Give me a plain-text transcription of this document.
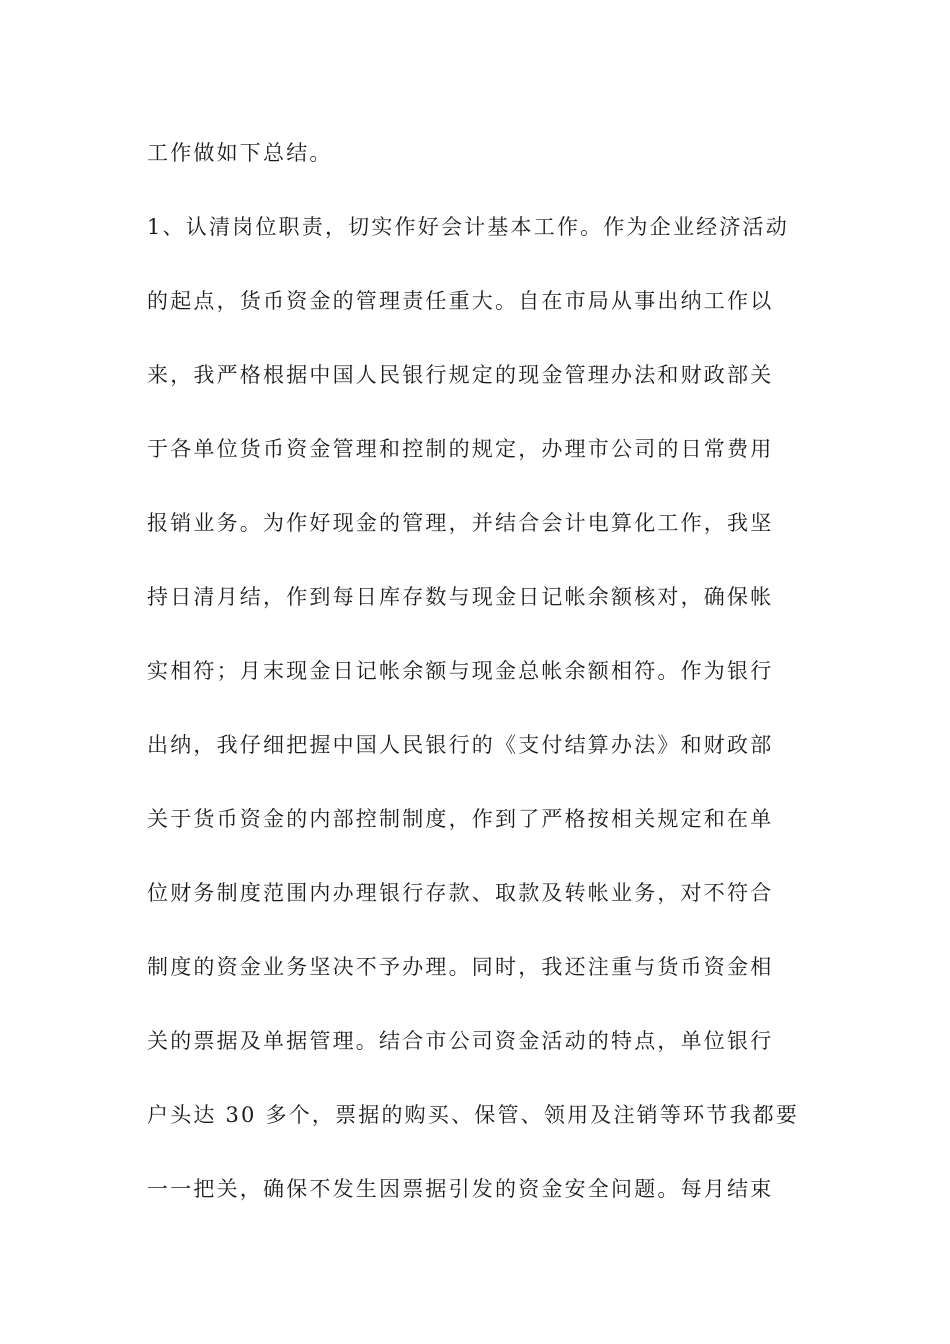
工作做如下总结。
1、认清岗位职责，切实作好会计基本工作。作为企业经济活动
的起点，货币资金的管理责任重大。自在市局从事出纳工作以
来，我严格根据中国人民银行规定的现金管理办法和财政部关
于各单位货币资金管理和控制的规定，办理市公司的日常费用
报销业务。为作好现金的管理，并结合会计电算化工作，我坚
持日清月结，作到每日库存数与现金日记帐余额核对，确保帐
实相符；月末现金日记帐余额与现金总帐余额相符。作为银行
出纳，我仔细把握中国人民银行的《支付结算办法》和财政部
关于货币资金的内部控制制度，作到了严格按相关规定和在单
位财务制度范围内办理银行存款、取款及转帐业务，对不符合
制度的资金业务坚决不予办理。同时，我还注重与货币资金相
关的票据及单据管理。结合市公司资金活动的特点，单位银行
户头达 30 多个，票据的购买、保管、领用及注销等环节我都要
一一把关，确保不发生因票据引发的资金安全问题。每月结束
